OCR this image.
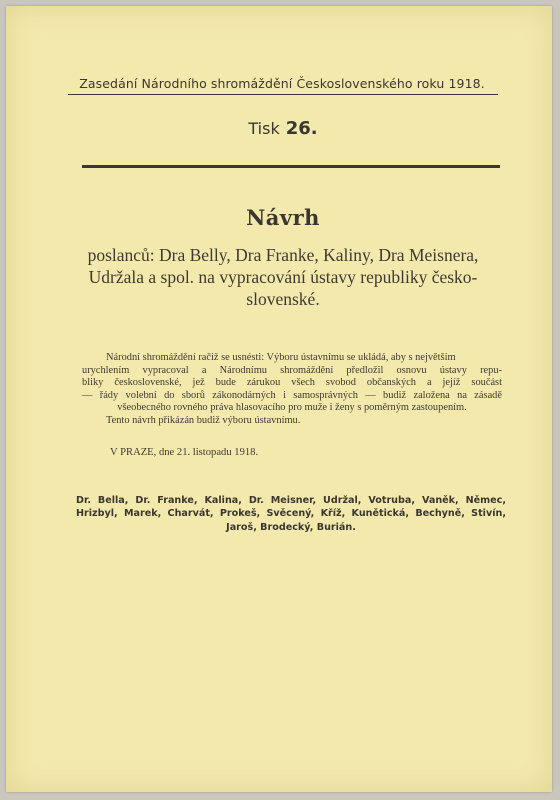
Zasedání Národního shromáždění Československého roku 1918.
Tisk 26.
Návrh
poslanců: Dra Belly, Dra Franke, Kaliny, Dra Meisnera,
Udržala a spol. na vypracování ústavy republiky česko-
slovenské.
Národní shromáždění račiž se usnésti: Výboru ústavnímu se ukládá, aby s největším
urychlením vypracoval a Národnímu shromáždění předložil osnovu ústavy repu-
bliky československé, jež bude zárukou všech svobod občanských a jejíž součást
— řády volební do sborů zákonodárných i samosprávných — budiž založena na zásadě
všeobecného rovného práva hlasovacího pro muže i ženy s poměrným zastoupením.
Tento návrh přikázán budiž výboru ústavnímu.
V PRAZE, dne 21. listopadu 1918.
Dr. Bella, Dr. Franke, Kalina, Dr. Meisner, Udržal, Votruba, Vaněk, Němec,
Hrizbyl, Marek, Charvát, Prokeš, Svěcený, Kříž, Kunětická, Bechyně, Stivín,
Jaroš, Brodecký, Burián.
